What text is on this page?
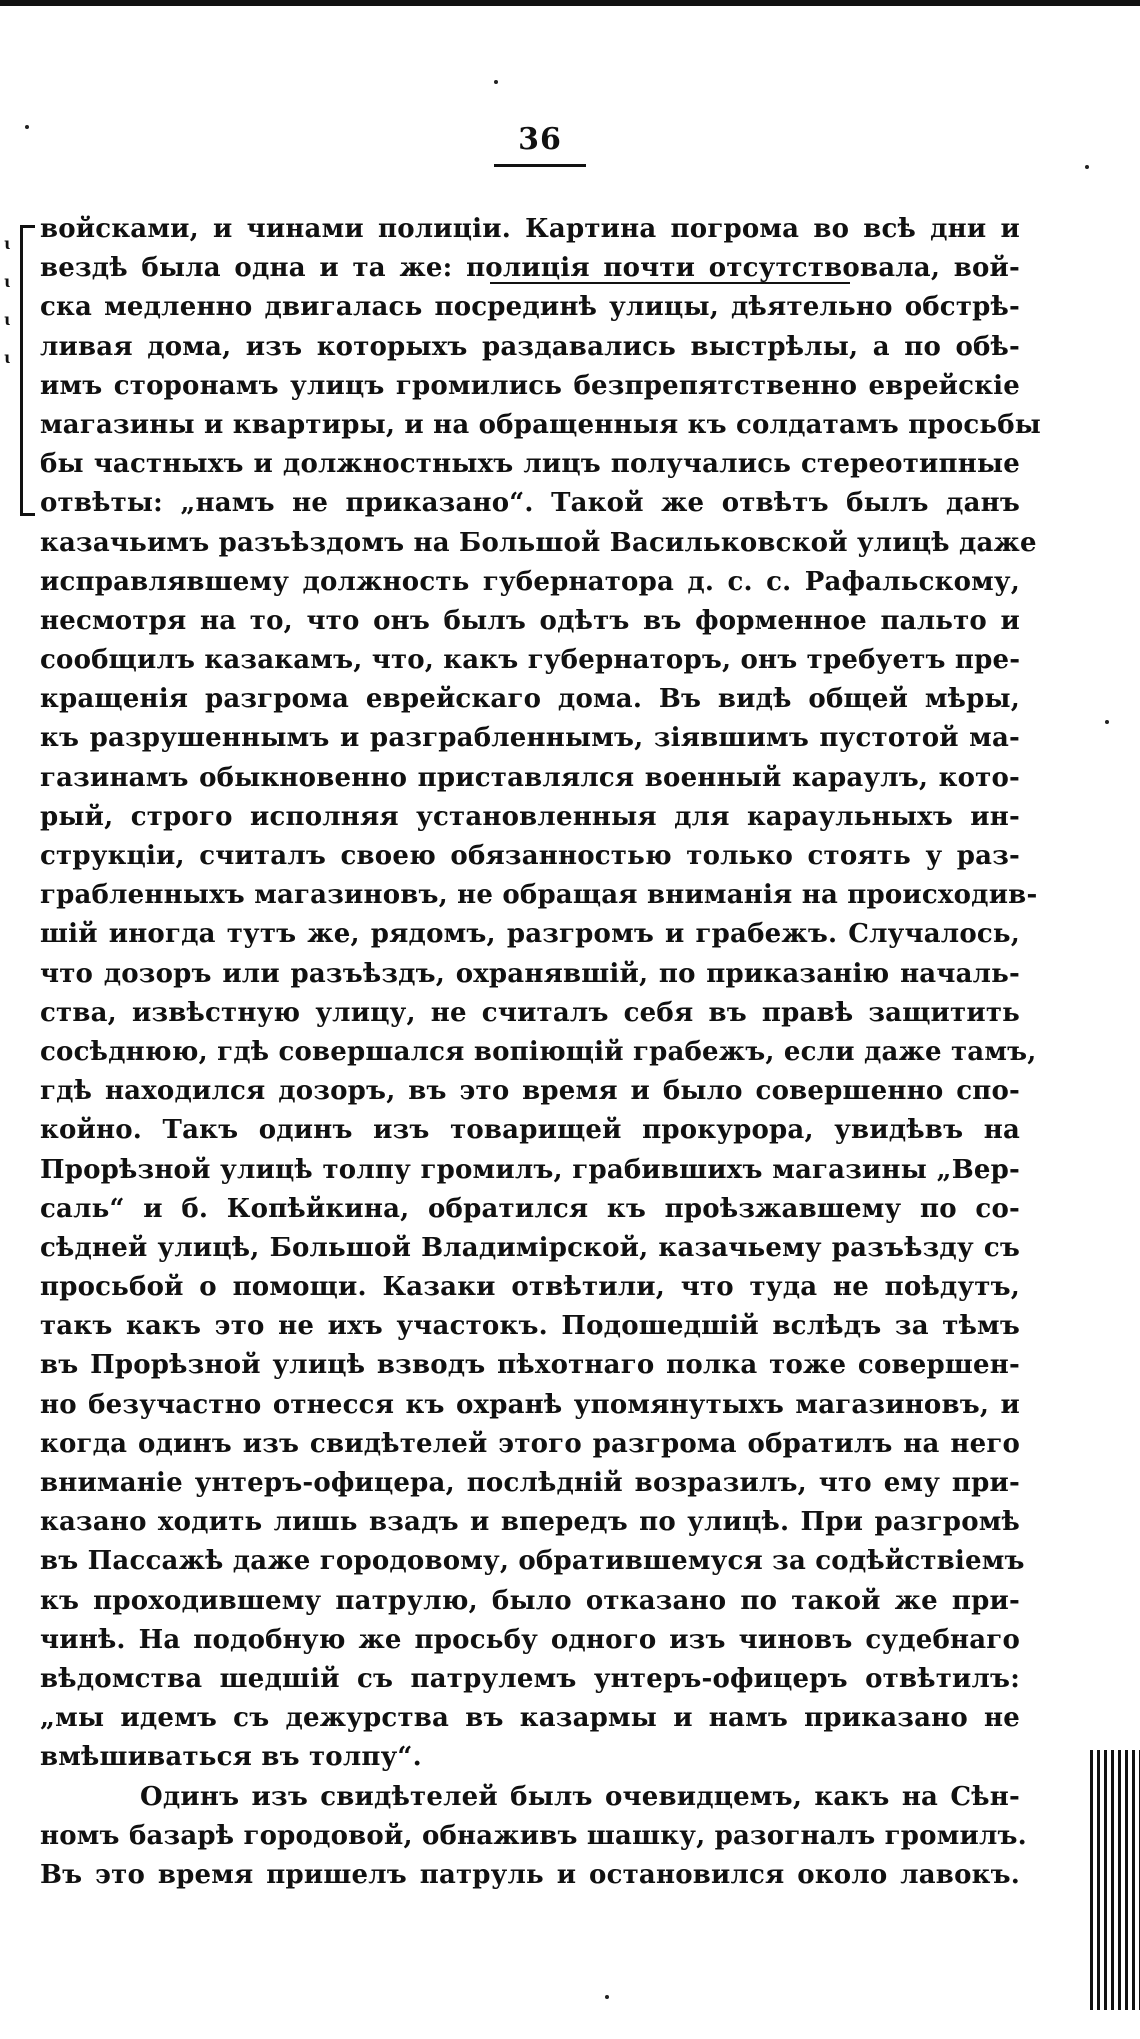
36
ɩ
ɩ
ɩ
ɩ
войсками, и чинами полиціи. Картина погрома во всѣ дни и
вездѣ была одна и та же: полиція почти отсутствовала, вой-
ска медленно двигалась посрединѣ улицы, дѣятельно обстрѣ-
ливая дома, изъ которыхъ раздавались выстрѣлы, а по обѣ-
имъ сторонамъ улицъ громились безпрепятственно еврейскіе
магазины и квартиры, и на обращенныя къ солдатамъ просьбы
бы частныхъ и должностныхъ лицъ получались стереотипные
отвѣты: „намъ не приказано“. Такой же отвѣтъ былъ данъ
казачьимъ разъѣздомъ на Большой Васильковской улицѣ даже
исправлявшему должность губернатора д. с. с. Рафальскому,
несмотря на то, что онъ былъ одѣтъ въ форменное пальто и
сообщилъ казакамъ, что, какъ губернаторъ, онъ требуетъ пре-
кращенія разгрома еврейскаго дома. Въ видѣ общей мѣры,
къ разрушеннымъ и разграбленнымъ, зіявшимъ пустотой ма-
газинамъ обыкновенно приставлялся военный караулъ, кото-
рый, строго исполняя установленныя для караульныхъ ин-
струкціи, считалъ своею обязанностью только стоять у раз-
грабленныхъ магазиновъ, не обращая вниманія на происходив-
шій иногда тутъ же, рядомъ, разгромъ и грабежъ. Случалось,
что дозоръ или разъѣздъ, охранявшій, по приказанію началь-
ства, извѣстную улицу, не считалъ себя въ правѣ защитить
сосѣднюю, гдѣ совершался вопіющій грабежъ, если даже тамъ,
гдѣ находился дозоръ, въ это время и было совершенно спо-
койно. Такъ одинъ изъ товарищей прокурора, увидѣвъ на
Прорѣзной улицѣ толпу громилъ, грабившихъ магазины „Вер-
саль“ и б. Копѣйкина, обратился къ проѣзжавшему по со-
сѣдней улицѣ, Большой Владимірской, казачьему разъѣзду съ
просьбой о помощи. Казаки отвѣтили, что туда не поѣдутъ,
такъ какъ это не ихъ участокъ. Подошедшій вслѣдъ за тѣмъ
въ Прорѣзной улицѣ взводъ пѣхотнаго полка тоже совершен-
но безучастно отнесся къ охранѣ упомянутыхъ магазиновъ, и
когда одинъ изъ свидѣтелей этого разгрома обратилъ на него
вниманіе унтеръ-офицера, послѣдній возразилъ, что ему при-
казано ходить лишь взадъ и впередъ по улицѣ. При разгромѣ
въ Пассажѣ даже городовому, обратившемуся за содѣйствіемъ
къ проходившему патрулю, было отказано по такой же при-
чинѣ. На подобную же просьбу одного изъ чиновъ судебнаго
вѣдомства шедшій съ патрулемъ унтеръ-офицеръ отвѣтилъ:
„мы идемъ съ дежурства въ казармы и намъ приказано не
вмѣшиваться въ толпу“.
Одинъ изъ свидѣтелей былъ очевидцемъ, какъ на Сѣн-
номъ базарѣ городовой, обнаживъ шашку, разогналъ громилъ.
Въ это время пришелъ патруль и остановился около лавокъ.
